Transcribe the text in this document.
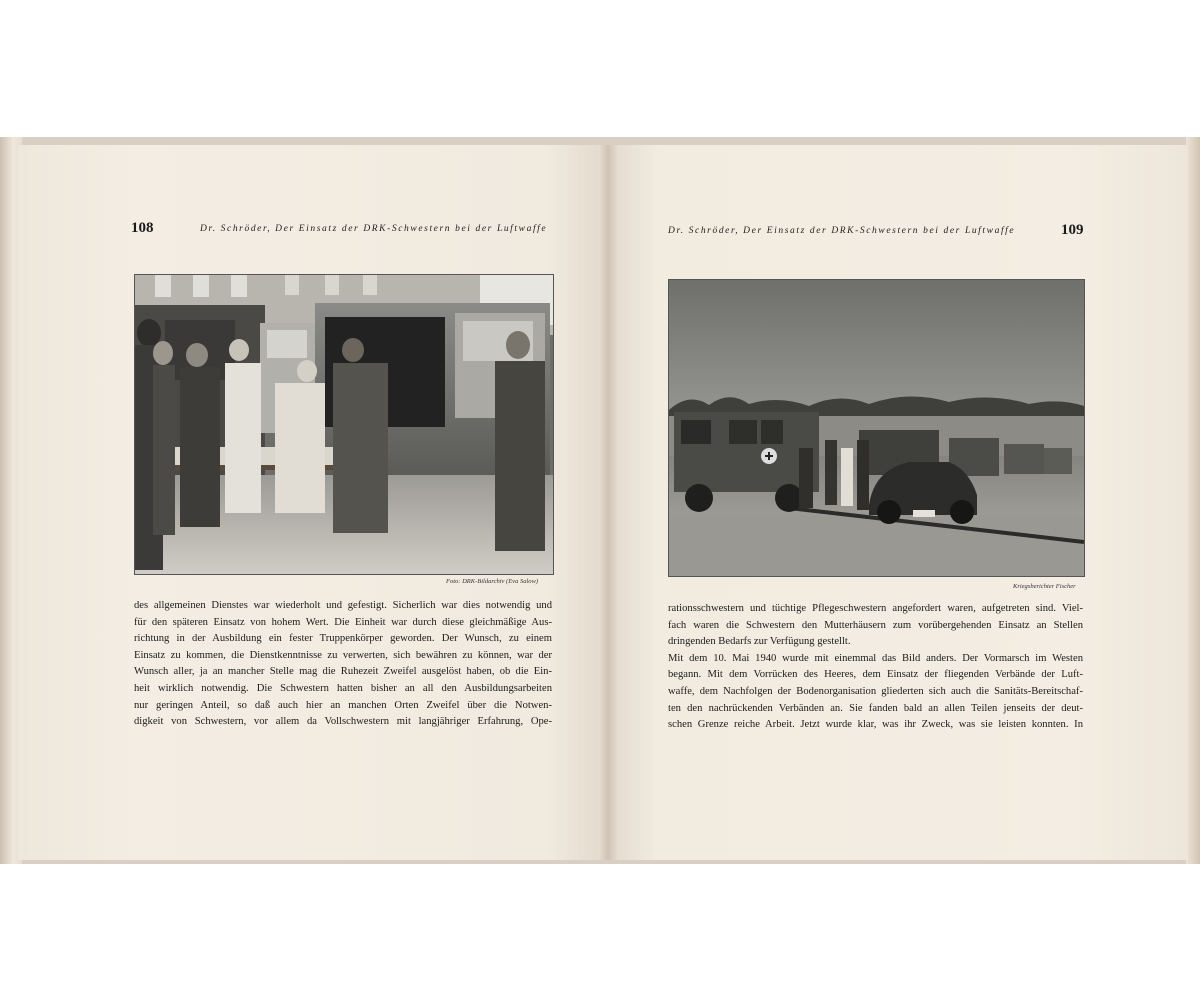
108	Dr. Schröder, Der Einsatz der DRK-Schwestern bei der Luftwaffe
Foto: DRK-Bildarchiv (Eva Salow)
des allgemeinen Dienstes war wiederholt und gefestigt. Sicherlich war dies notwendig und
für den späteren Einsatz von hohem Wert. Die Einheit war durch diese gleichmäßige Aus-
richtung in der Ausbildung ein fester Truppenkörper geworden. Der Wunsch, zu einem
Einsatz zu kommen, die Dienstkenntnisse zu verwerten, sich bewähren zu können, war der
Wunsch aller, ja an mancher Stelle mag die Ruhezeit Zweifel ausgelöst haben, ob die Ein-
heit wirklich notwendig. Die Schwestern hatten bisher an all den Ausbildungsarbeiten
nur geringen Anteil, so daß auch hier an manchen Orten Zweifel über die Notwen-
digkeit von Schwestern, vor allem da Vollschwestern mit langjähriger Erfahrung, Ope-
Dr. Schröder, Der Einsatz der DRK-Schwestern bei der Luftwaffe	109
Kriegsberichter Fischer
rationsschwestern und tüchtige Pflegeschwestern angefordert waren, aufgetreten sind. Viel-
fach waren die Schwestern den Mutterhäusern zum vorübergehenden Einsatz an Stellen
dringenden Bedarfs zur Verfügung gestellt.
Mit dem 10. Mai 1940 wurde mit einemmal das Bild anders. Der Vormarsch im Westen
begann. Mit dem Vorrücken des Heeres, dem Einsatz der fliegenden Verbände der Luft-
waffe, dem Nachfolgen der Bodenorganisation gliederten sich auch die Sanitäts-Bereitschaf-
ten den nachrückenden Verbänden an. Sie fanden bald an allen Teilen jenseits der deut-
schen Grenze reiche Arbeit. Jetzt wurde klar, was ihr Zweck, was sie leisten konnten. In
